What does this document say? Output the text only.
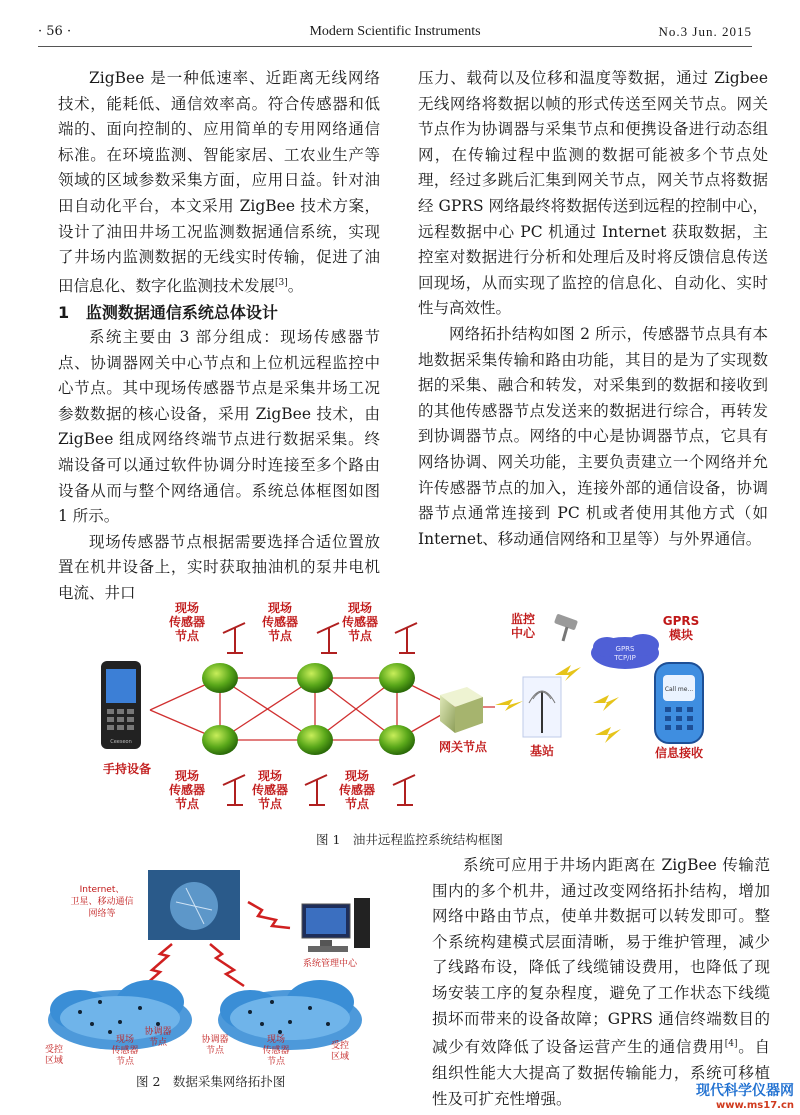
· 56 ·	Modern Scientific Instruments	No.3 Jun. 2015

ZigBee 是一种低速率、近距离无线网络技术，能耗低、通信效率高。符合传感器和低端的、面向控制的、应用简单的专用网络通信标准。在环境监测、智能家居、工农业生产等领域的区域参数采集方面，应用日益。针对油田自动化平台，本文采用 ZigBee 技术方案，设计了油田井场工况监测数据通信系统，实现了井场内监测数据的无线实时传输，促进了油田信息化、数字化监测技术发展[3]。

1 监测数据通信系统总体设计

系统主要由 3 部分组成：现场传感器节点、协调器网关中心节点和上位机远程监控中心节点。其中现场传感器节点是采集井场工况参数数据的核心设备，采用 ZigBee 技术，由 ZigBee 组成网络终端节点进行数据采集。终端设备可以通过软件协调分时连接至多个路由设备从而与整个网络通信。系统总体框图如图 1 所示。

现场传感器节点根据需要选择合适位置放置在机井设备上，实时获取抽油机的泵井电机电流、井口

压力、载荷以及位移和温度等数据，通过 Zigbee 无线网络将数据以帧的形式传送至网关节点。网关节点作为协调器与采集节点和便携设备进行动态组网，在传输过程中监测的数据可能被多个节点处理，经过多跳后汇集到网关节点，网关节点将数据经 GPRS 网络最终将数据传送到远程的控制中心，远程数据中心 PC 机通过 Internet 获取数据，主控室对数据进行分析和处理后及时将反馈信息传送回现场，从而实现了监控的信息化、自动化、实时性与高效性。

网络拓扑结构如图 2 所示，传感器节点具有本地数据采集传输和路由功能，其目的是为了实现数据的采集、融合和转发，对采集到的数据和接收到的其他传感器节点发送来的数据进行综合，再转发到协调器节点。网络的中心是协调器节点，它具有网络协调、网关功能，主要负责建立一个网络并允许传感器节点的加入，连接外部的通信设备，协调器节点通常连接到 PC 机或者使用其他方式（如 Internet、移动通信网络和卫星等）与外界通信。

现场
传感器
节点
现场
传感器
节点
现场
传感器
节点
现场
传感器
节点
现场
传感器
节点
现场
传感器
节点
Ceeseon
手持设备
网关节点
监控
中心
GPRS
TCP/IP
GPRS
模块
基站
Call me...
信息接收
图 1　油井远程监控系统结构框图
Internet、
卫星、移动通信
网络等
系统管理中心
受控
区域
现场
传感器
节点
协调器
节点	协调器
节点
现场
传感器
节点
受控
区域
图 2　数据采集网络拓扑图

系统可应用于井场内距离在 ZigBee 传输范围内的多个机井，通过改变网络拓扑结构，增加网络中路由节点，使单井数据可以转发即可。整个系统构建模式层面清晰，易于维护管理，减少了线路布设，降低了线缆铺设费用，也降低了现场安装工序的复杂程度，避免了工作状态下线缆损坏而带来的设备故障；GPRS 通信终端数目的减少有效降低了设备运营产生的通信费用[4]。自组织性能大大提高了数据传输能力，系统可移植性及可扩充性增强。	现代科学仪器网
www.ms17.cn
